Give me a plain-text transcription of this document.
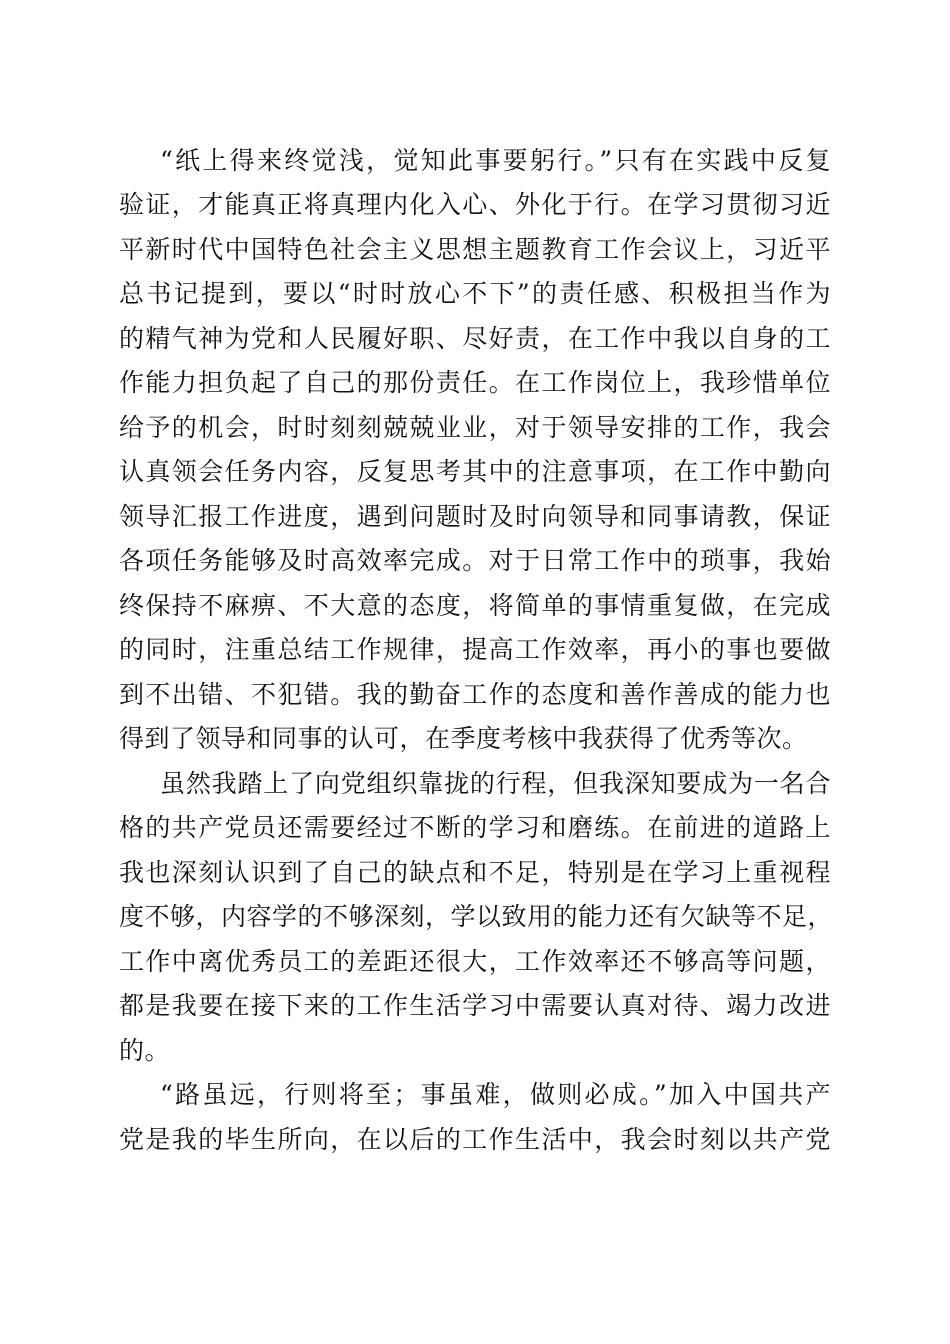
“纸上得来终觉浅，觉知此事要躬行。”只有在实践中反复
验证，才能真正将真理内化入心、外化于行。在学习贯彻习近
平新时代中国特色社会主义思想主题教育工作会议上，习近平
总书记提到，要以“时时放心不下”的责任感、积极担当作为
的精气神为党和人民履好职、尽好责，在工作中我以自身的工
作能力担负起了自己的那份责任。在工作岗位上，我珍惜单位
给予的机会，时时刻刻兢兢业业，对于领导安排的工作，我会
认真领会任务内容，反复思考其中的注意事项，在工作中勤向
领导汇报工作进度，遇到问题时及时向领导和同事请教，保证
各项任务能够及时高效率完成。对于日常工作中的琐事，我始
终保持不麻痹、不大意的态度，将简单的事情重复做，在完成
的同时，注重总结工作规律，提高工作效率，再小的事也要做
到不出错、不犯错。我的勤奋工作的态度和善作善成的能力也
得到了领导和同事的认可，在季度考核中我获得了优秀等次。
虽然我踏上了向党组织靠拢的行程，但我深知要成为一名合
格的共产党员还需要经过不断的学习和磨练。在前进的道路上
我也深刻认识到了自己的缺点和不足，特别是在学习上重视程
度不够，内容学的不够深刻，学以致用的能力还有欠缺等不足，
工作中离优秀员工的差距还很大，工作效率还不够高等问题，
都是我要在接下来的工作生活学习中需要认真对待、竭力改进
的。
“路虽远，行则将至；事虽难，做则必成。”加入中国共产
党是我的毕生所向，在以后的工作生活中，我会时刻以共产党
